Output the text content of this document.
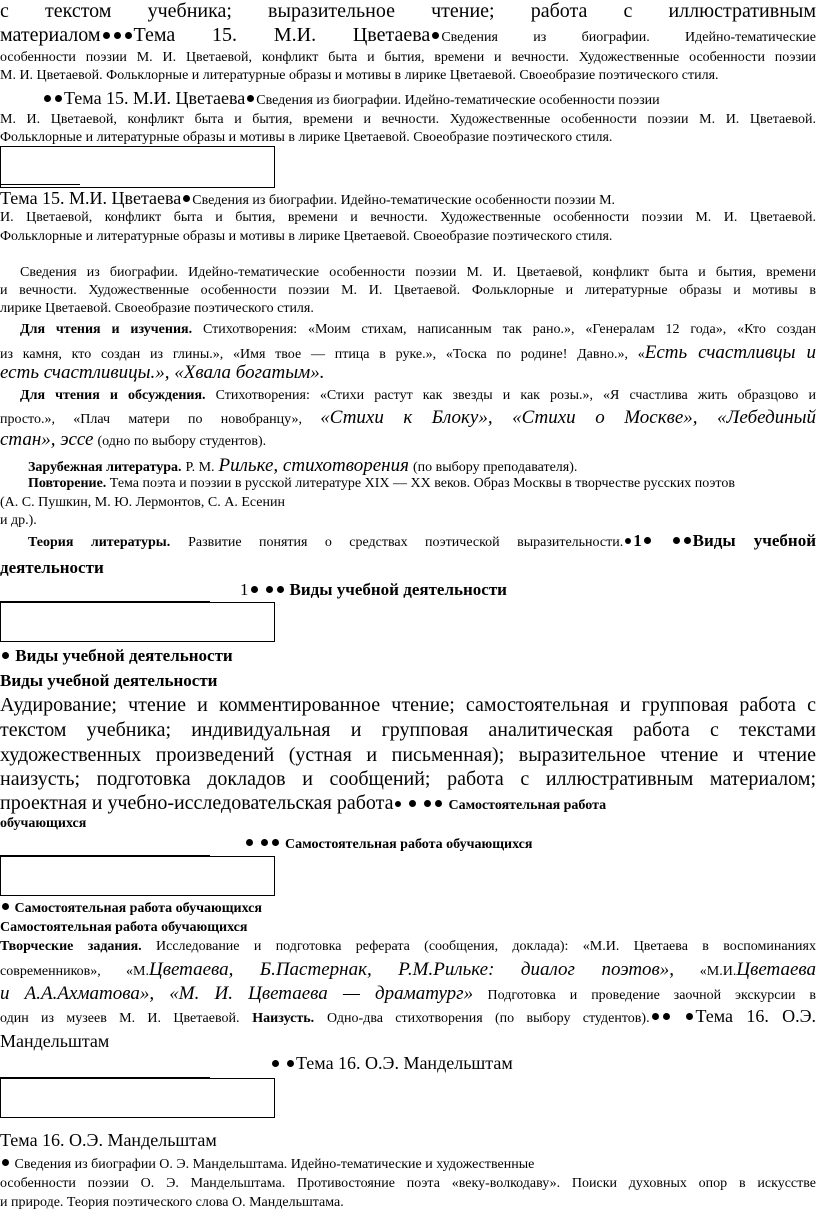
с текстом учебника; выразительное чтение; работа с иллюстративным
материалом Тема 15. М.И. Цветаева Сведения из биографии. Идейно-тематические
особенности поэзии М. И. Цветаевой, конфликт быта и бытия, времени и вечности. Художественные особенности поэзии
М. И. Цветаевой. Фольклорные и литературные образы и мотивы в лирике Цветаевой. Своеобразие поэтического стиля.
Тема 15. М.И. Цветаева Сведения из биографии. Идейно-тематические особенности поэзии
М. И. Цветаевой, конфликт быта и бытия, времени и вечности. Художественные особенности поэзии М. И. Цветаевой.
Фольклорные и литературные образы и мотивы в лирике Цветаевой. Своеобразие поэтического стиля.
Тема 15. М.И. Цветаева Сведения из биографии. Идейно-тематические особенности поэзии М.
И. Цветаевой, конфликт быта и бытия, времени и вечности. Художественные особенности поэзии М. И. Цветаевой.
Фольклорные и литературные образы и мотивы в лирике Цветаевой. Своеобразие поэтического стиля.
Сведения из биографии. Идейно-тематические особенности поэзии М. И. Цветаевой, конфликт быта и бытия, времени
и вечности. Художественные особенности поэзии М. И. Цветаевой. Фольклорные и литературные образы и мотивы в
лирике Цветаевой. Своеобразие поэтического стиля.
Для чтения и изучения. Стихотворения: «Моим стихам, написанным так рано.», «Генералам 12 года», «Кто создан
из камня, кто создан из глины.», «Имя твое — птица в руке.», «Тоска по родине! Давно.», «Есть счастливцы и
есть счастливицы.», «Хвала богатым».
Для чтения и обсуждения. Стихотворения: «Стихи растут как звезды и как розы.», «Я счастлива жить образцово и
просто.», «Плач матери по новобранцу», «Стихи к Блоку», «Стихи о Москве», «Лебединый
стан», эссе (одно по выбору студентов).
Зарубежная литература. Р. М. Рильке, стихотворения (по выбору преподавателя).
Повторение. Тема поэта и поэзии в русской литературе XIX — XX веков. Образ Москвы в творчестве русских поэтов
(А. С. Пушкин, М. Ю. Лермонтов, С. А. Есенин
и др.).
Теория литературы. Развитие понятия о средствах поэтической выразительности. 1	Виды учебной
деятельности
1 Виды учебной деятельности
Виды учебной деятельности
Виды учебной деятельности
Аудирование; чтение и комментированное чтение; самостоятельная и групповая работа с
текстом учебника; индивидуальная и групповая аналитическая работа с текстами
художественных произведений (устная и письменная); выразительное чтение и чтение
наизусть; подготовка докладов и сообщений; работа с иллюстративным материалом;
проектная и учебно-исследовательская работа	Самостоятельная работа
обучающихся
Самостоятельная работа обучающихся
Самостоятельная работа обучающихся
Самостоятельная работа обучающихся
Творческие задания. Исследование и подготовка реферата (сообщения, доклада): «М.И. Цветаева в воспоминаниях
современников», «М.Цветаева, Б.Пастернак, Р.М.Рильке: диалог поэтов», «М.И.Цветаева
и А.А.Ахматова», «М. И. Цветаева — драматург» Подготовка и проведение заочной экскурсии в
один из музеев М. И. Цветаевой. Наизусть. Одно-два стихотворения (по выбору студентов).	Тема 16. О.Э.
Мандельштам
Тема 16. О.Э. Мандельштам
Тема 16. О.Э. Мандельштам
Сведения из биографии О. Э. Мандельштама. Идейно-тематические и художественные
особенности поэзии О. Э. Мандельштама. Противостояние поэта «веку-волкодаву». Поиски духовных опор в искусстве
и природе. Теория поэтического слова О. Мандельштама.
